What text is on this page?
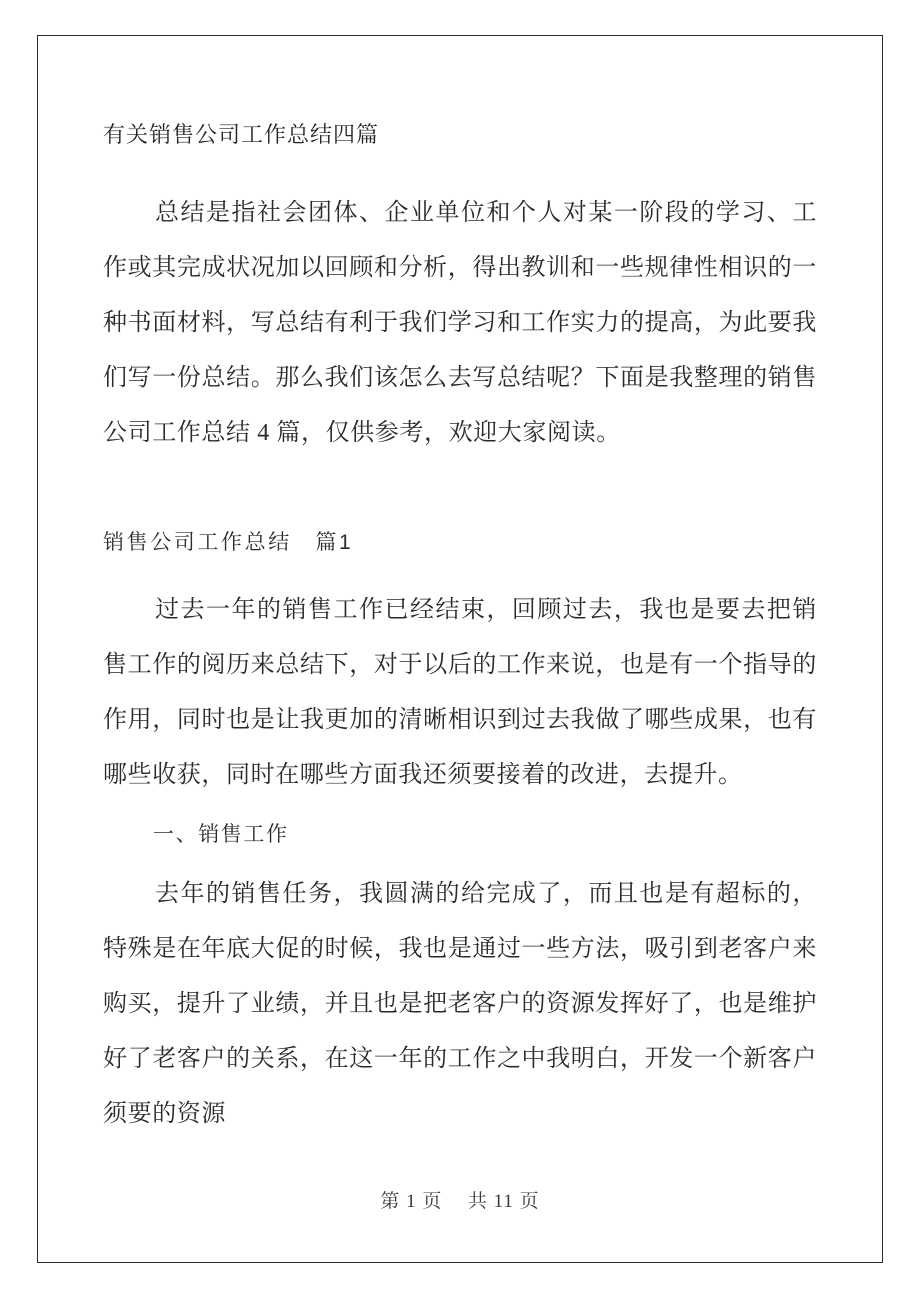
有关销售公司工作总结四篇

总结是指社会团体、企业单位和个人对某一阶段的学习、工作或其完成状况加以回顾和分析，得出教训和一些规律性相识的一种书面材料，写总结有利于我们学习和工作实力的提高，为此要我们写一份总结。那么我们该怎么去写总结呢？下面是我整理的销售公司工作总结 4 篇，仅供参考，欢迎大家阅读。

销售公司工作总结　篇1

过去一年的销售工作已经结束，回顾过去，我也是要去把销售工作的阅历来总结下，对于以后的工作来说，也是有一个指导的作用，同时也是让我更加的清晰相识到过去我做了哪些成果，也有哪些收获，同时在哪些方面我还须要接着的改进，去提升。

一、销售工作

去年的销售任务，我圆满的给完成了，而且也是有超标的，特殊是在年底大促的时候，我也是通过一些方法，吸引到老客户来购买，提升了业绩，并且也是把老客户的资源发挥好了，也是维护好了老客户的关系，在这一年的工作之中我明白，开发一个新客户须要的资源

第 1 页 共 11 页
